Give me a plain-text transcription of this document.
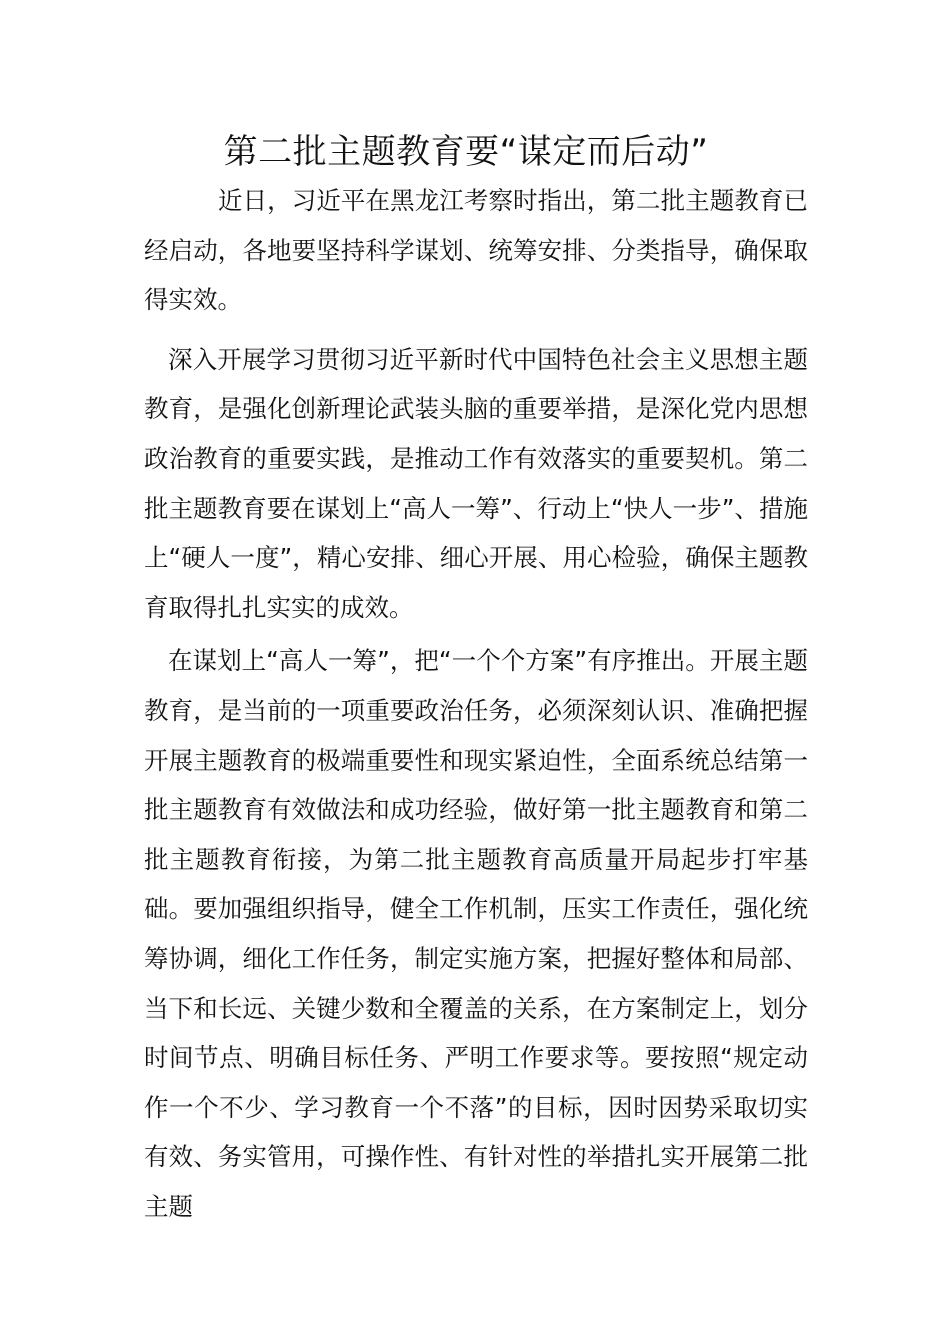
第二批主题教育要“谋定而后动”

近日，习近平在黑龙江考察时指出，第二批主题教育已经启动，各地要坚持科学谋划、统筹安排、分类指导，确保取得实效。

深入开展学习贯彻习近平新时代中国特色社会主义思想主题教育，是强化创新理论武装头脑的重要举措，是深化党内思想政治教育的重要实践，是推动工作有效落实的重要契机。第二批主题教育要在谋划上“高人一筹”、行动上“快人一步”、措施上“硬人一度”，精心安排、细心开展、用心检验，确保主题教育取得扎扎实实的成效。

在谋划上“高人一筹”，把“一个个方案”有序推出。开展主题教育，是当前的一项重要政治任务，必须深刻认识、准确把握开展主题教育的极端重要性和现实紧迫性，全面系统总结第一批主题教育有效做法和成功经验，做好第一批主题教育和第二批主题教育衔接，为第二批主题教育高质量开局起步打牢基础。要加强组织指导，健全工作机制，压实工作责任，强化统筹协调，细化工作任务，制定实施方案，把握好整体和局部、当下和长远、关键少数和全覆盖的关系，在方案制定上，划分时间节点、明确目标任务、严明工作要求等。要按照“规定动作一个不少、学习教育一个不落”的目标，因时因势采取切实有效、务实管用，可操作性、有针对性的举措扎实开展第二批主题
